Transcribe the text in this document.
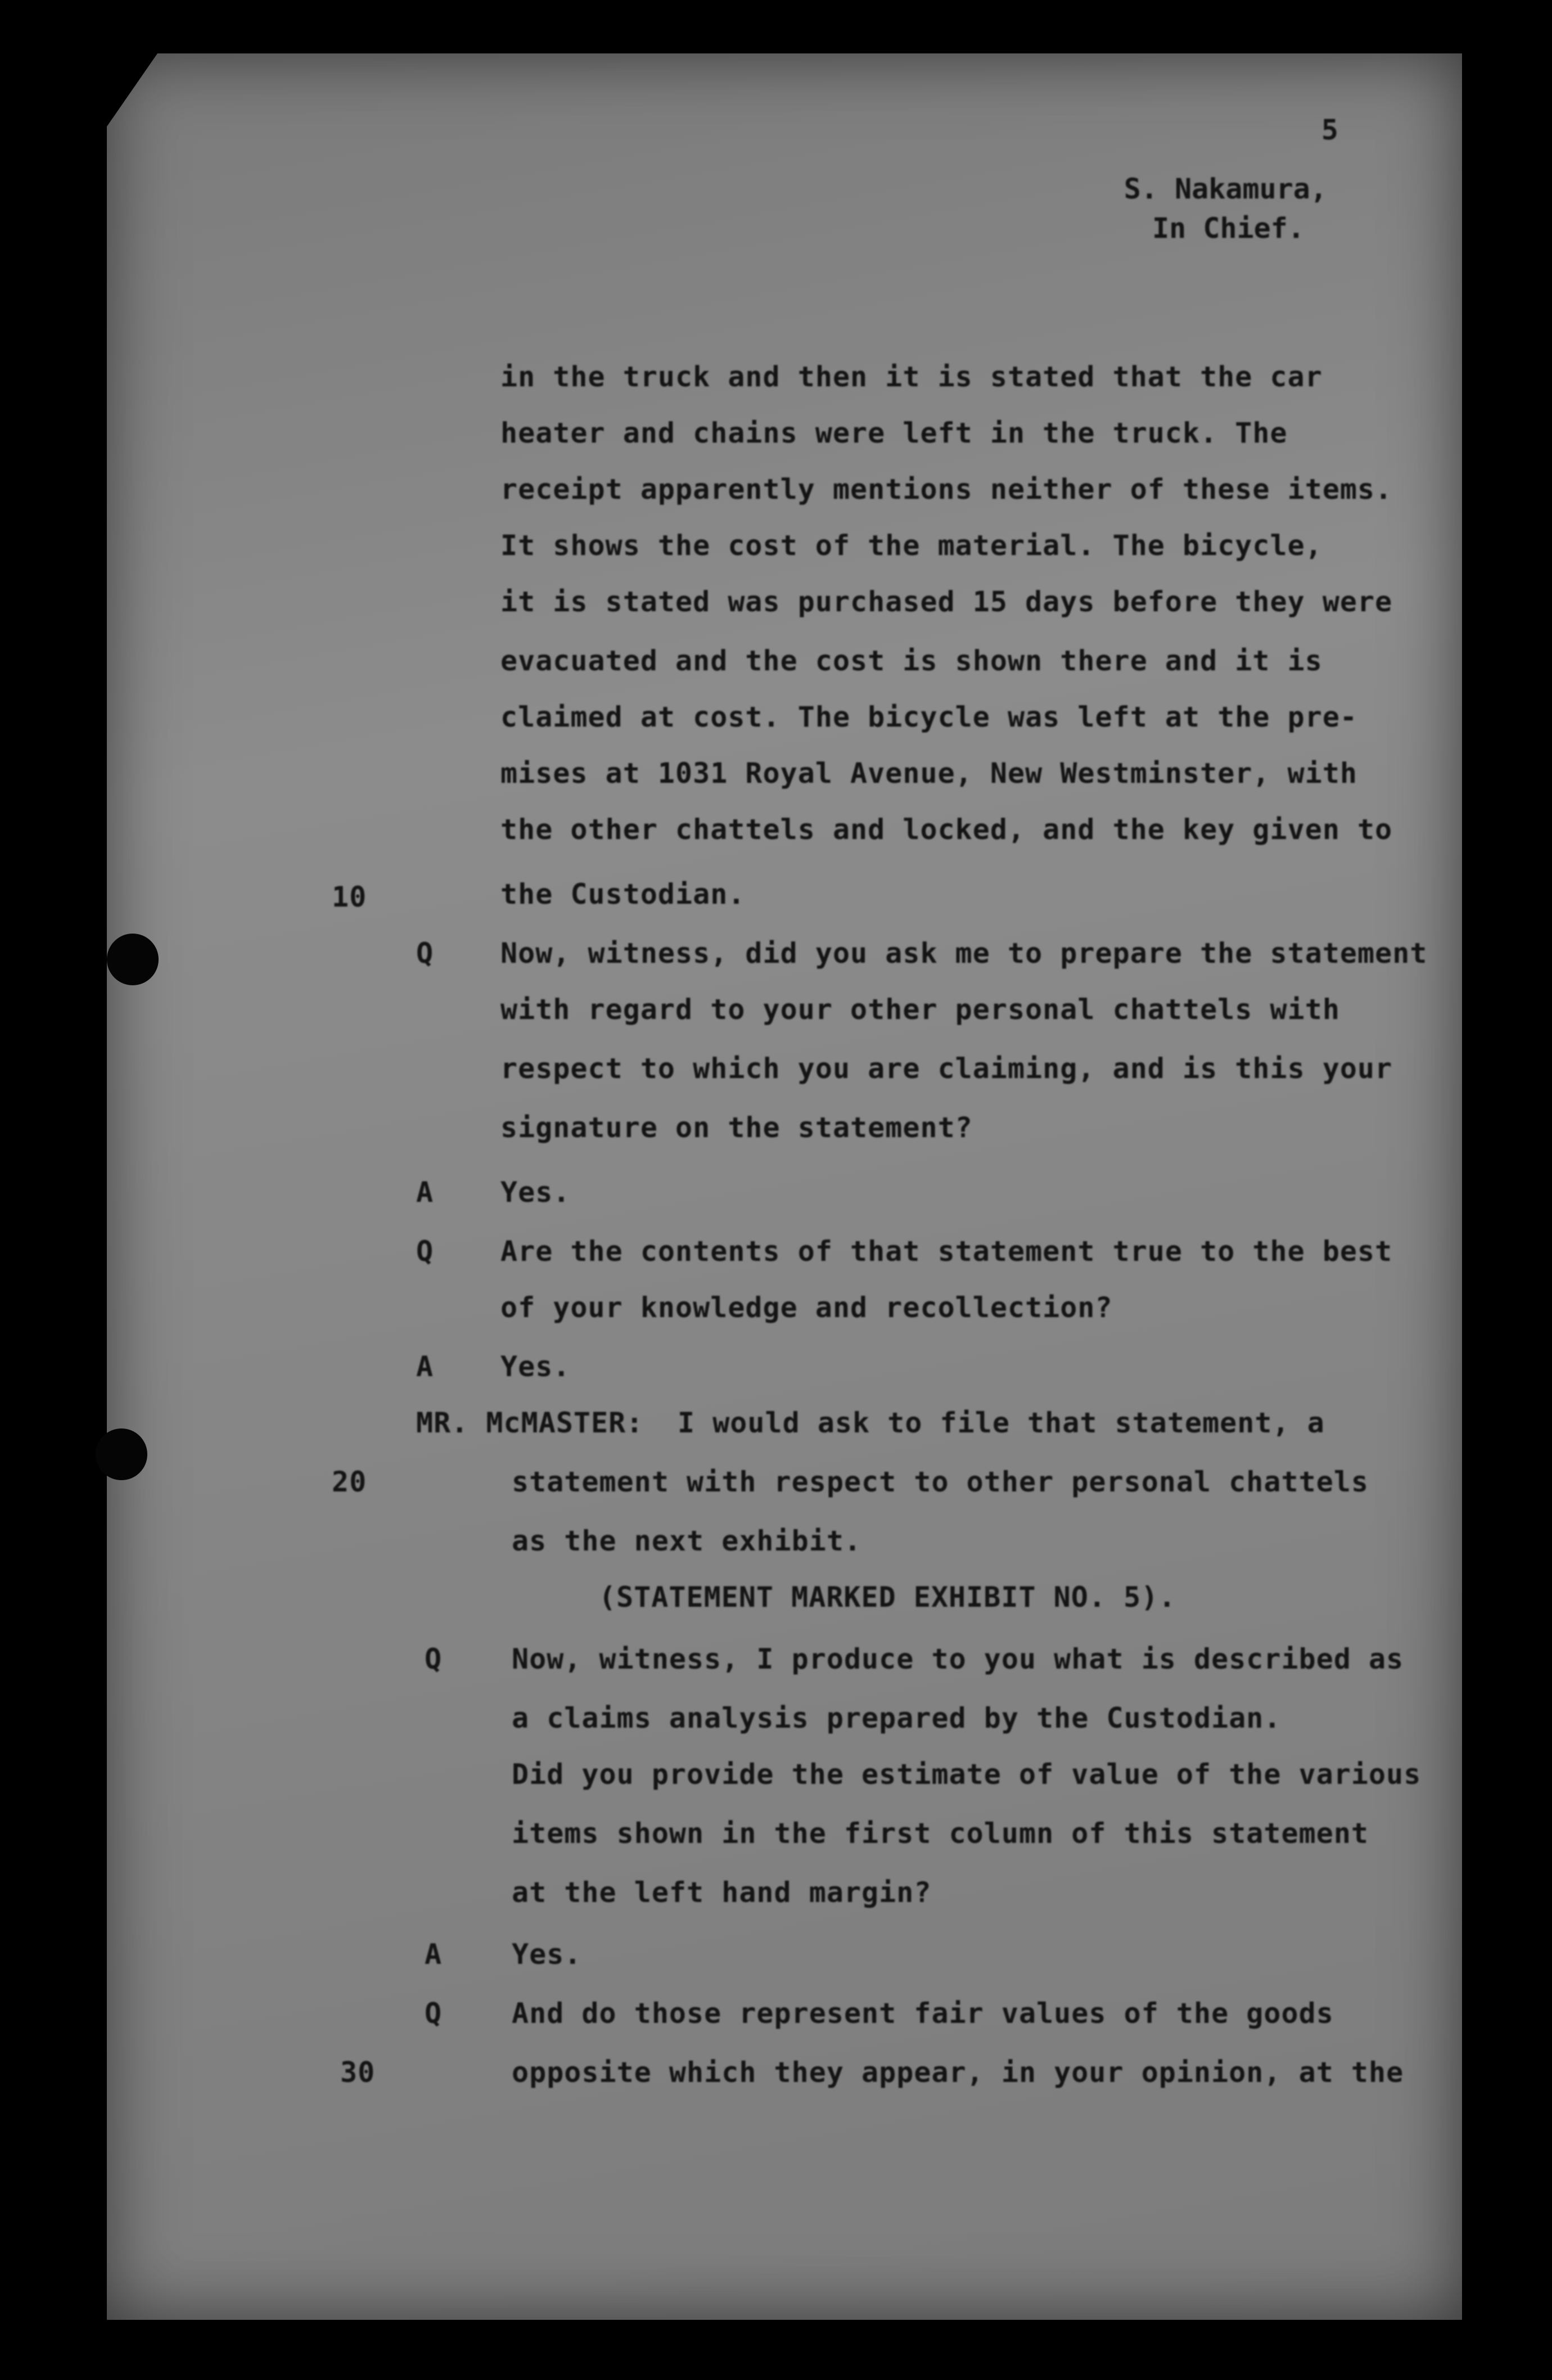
5
S. Nakamura,
In Chief.
in the truck and then it is stated that the car
heater and chains were left in the truck. The
receipt apparently mentions neither of these items.
It shows the cost of the material. The bicycle,
it is stated was purchased 15 days before they were
evacuated and the cost is shown there and it is
claimed at cost. The bicycle was left at the pre-
mises at 1031 Royal Avenue, New Westminster, with
the other chattels and locked, and the key given to
the Custodian.
10
Q Now, witness, did you ask me to prepare the statement
with regard to your other personal chattels with
respect to which you are claiming, and is this your
signature on the statement?
A Yes.
Q Are the contents of that statement true to the best
of your knowledge and recollection?
A Yes.
MR. McMASTER: I would ask to file that statement, a
20	statement with respect to other personal chattels
as the next exhibit.
(STATEMENT MARKED EXHIBIT NO. 5).
Q Now, witness, I produce to you what is described as
a claims analysis prepared by the Custodian.
Did you provide the estimate of value of the various
items shown in the first column of this statement
at the left hand margin?
A Yes.
Q And do those represent fair values of the goods
30	opposite which they appear, in your opinion, at the
